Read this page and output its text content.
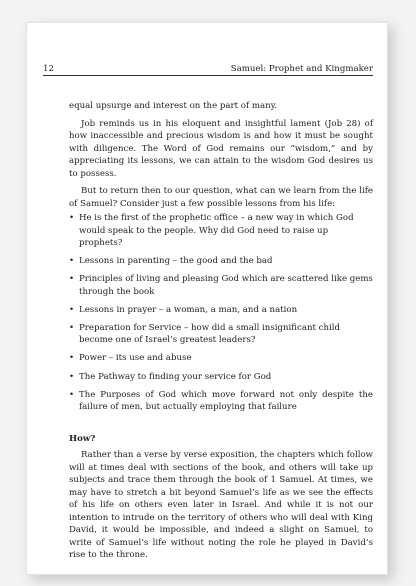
12	Samuel: Prophet and Kingmaker

equal upsurge and interest on the part of many.

Job reminds us in his eloquent and insightful lament (Job 28) of how inaccessible and precious wisdom is and how it must be sought with diligence. The Word of God remains our “wisdom,” and by appreciating its lessons, we can attain to the wisdom God desires us to possess.

But to return then to our question, what can we learn from the life of Samuel? Consider just a few possible lessons from his life:

• He is the first of the prophetic office – a new way in which God would speak to the people. Why did God need to raise up prophets?
• Lessons in parenting – the good and the bad
• Principles of living and pleasing God which are scattered like gems through the book
• Lessons in prayer – a woman, a man, and a nation
• Preparation for Service – how did a small insignificant child become one of Israel’s greatest leaders?
• Power – its use and abuse
• The Pathway to finding your service for God
• The Purposes of God which move forward not only despite the failure of men, but actually employing that failure
How?

Rather than a verse by verse exposition, the chapters which follow will at times deal with sections of the book, and others will take up subjects and trace them through the book of 1 Samuel. At times, we may have to stretch a bit beyond Samuel’s life as we see the effects of his life on others even later in Israel. And while it is not our intention to intrude on the territory of others who will deal with King David, it would be impossible, and indeed a slight on Samuel, to write of Samuel’s life without noting the role he played in David’s rise to the throne.
